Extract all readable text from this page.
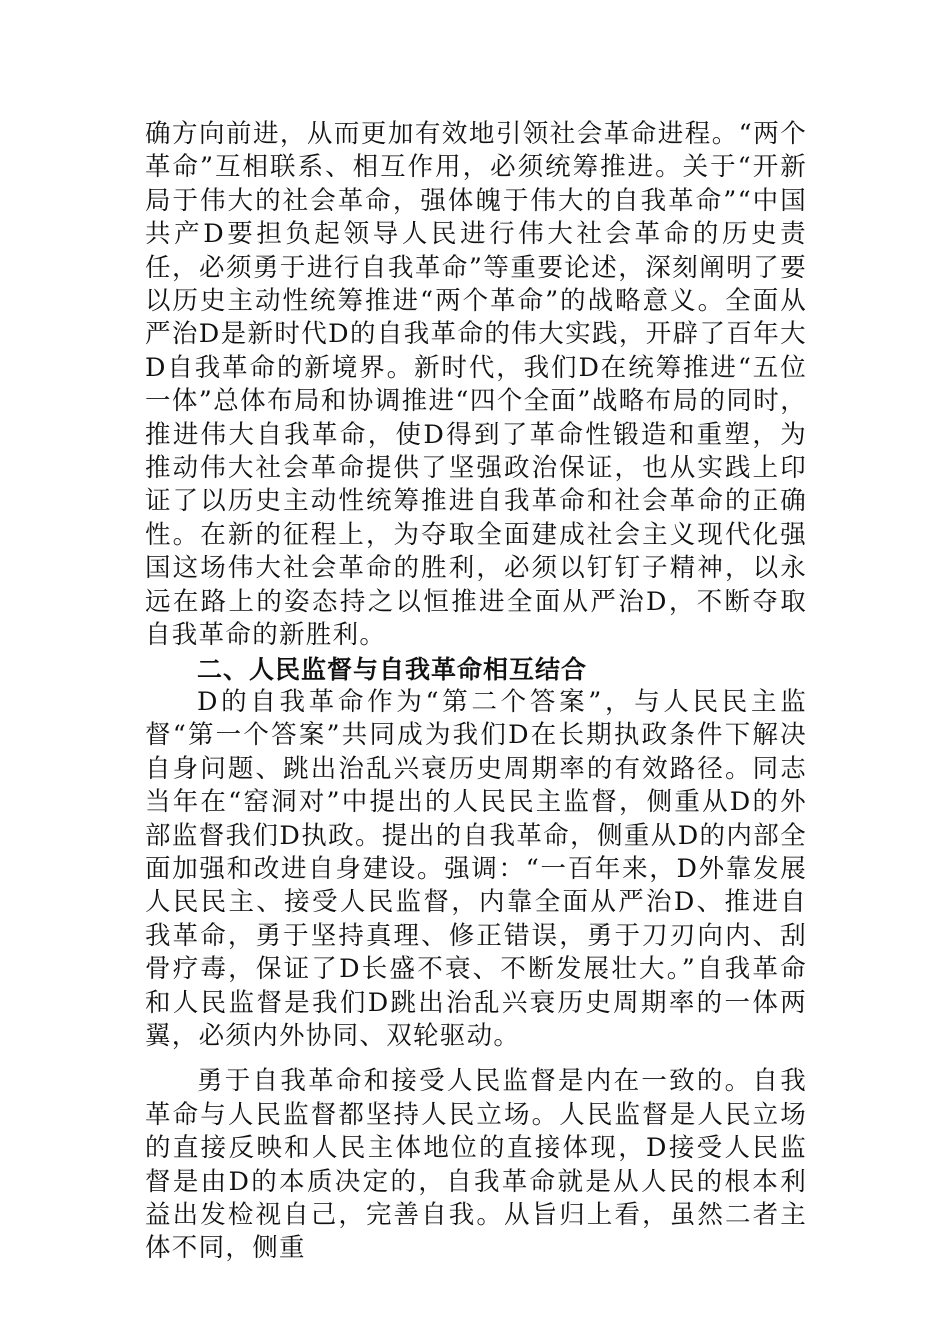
确方向前进，从而更加有效地引领社会革命进程。“两个革命”互相联系、相互作用，必须统筹推进。关于“开新局于伟大的社会革命，强体魄于伟大的自我革命”“中国共产D要担负起领导人民进行伟大社会革命的历史责任，必须勇于进行自我革命”等重要论述，深刻阐明了要以历史主动性统筹推进“两个革命”的战略意义。全面从严治D是新时代D的自我革命的伟大实践，开辟了百年大D自我革命的新境界。新时代，我们D在统筹推进“五位一体”总体布局和协调推进“四个全面”战略布局的同时，推进伟大自我革命，使D得到了革命性锻造和重塑，为推动伟大社会革命提供了坚强政治保证，也从实践上印证了以历史主动性统筹推进自我革命和社会革命的正确性。在新的征程上，为夺取全面建成社会主义现代化强国这场伟大社会革命的胜利，必须以钉钉子精神，以永远在路上的姿态持之以恒推进全面从严治D，不断夺取自我革命的新胜利。

二、人民监督与自我革命相互结合

D的自我革命作为“第二个答案”，与人民民主监督“第一个答案”共同成为我们D在长期执政条件下解决自身问题、跳出治乱兴衰历史周期率的有效路径。同志当年在“窑洞对”中提出的人民民主监督，侧重从D的外部监督我们D执政。提出的自我革命，侧重从D的内部全面加强和改进自身建设。强调：“一百年来，D外靠发展人民民主、接受人民监督，内靠全面从严治D、推进自我革命，勇于坚持真理、修正错误，勇于刀刃向内、刮骨疗毒，保证了D长盛不衰、不断发展壮大。”自我革命和人民监督是我们D跳出治乱兴衰历史周期率的一体两翼，必须内外协同、双轮驱动。

勇于自我革命和接受人民监督是内在一致的。自我革命与人民监督都坚持人民立场。人民监督是人民立场的直接反映和人民主体地位的直接体现，D接受人民监督是由D的本质决定的，自我革命就是从人民的根本利益出发检视自己，完善自我。从旨归上看，虽然二者主体不同，侧重
